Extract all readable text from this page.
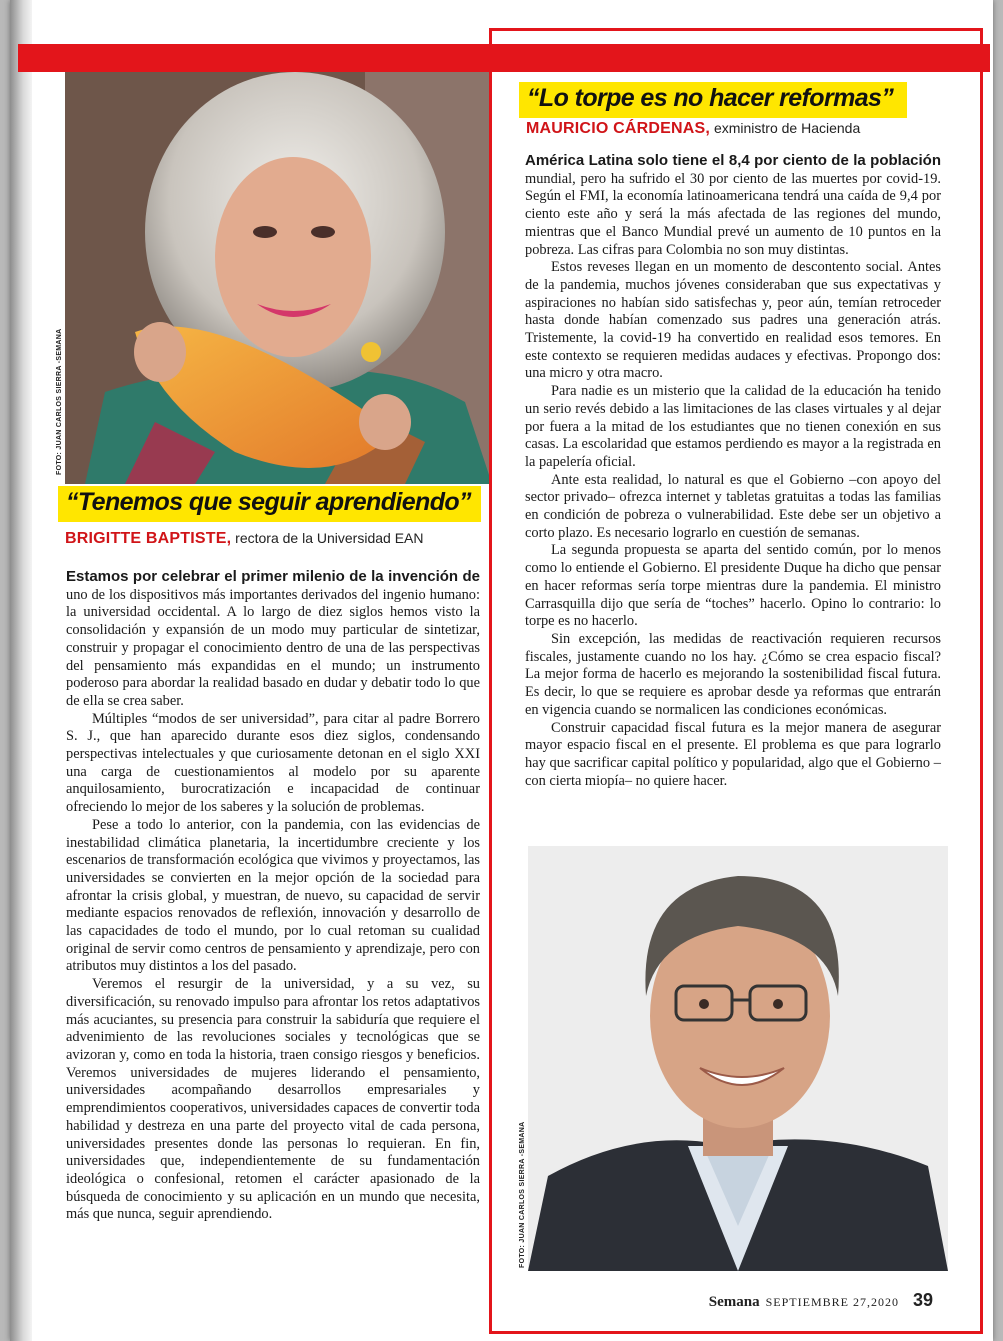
FOTO: JUAN CARLOS SIERRA -SEMANA
“Tenemos que seguir aprendiendo”
BRIGITTE BAPTISTE, rectora de la Universidad EAN

Estamos por celebrar el primer milenio de la invención de uno de los dispositivos más importantes derivados del ingenio humano: la universidad occidental. A lo largo de diez siglos hemos visto la consolidación y expansión de un modo muy particular de sintetizar, construir y propagar el conocimiento dentro de una de las perspectivas del pensamiento más expandidas en el mundo; un instrumento poderoso para abordar la realidad basado en dudar y debatir todo lo que de ella se crea saber.

Múltiples “modos de ser universidad”, para citar al padre Borrero S. J., que han aparecido durante esos diez siglos, condensando perspectivas intelectuales y que curiosamente detonan en el siglo XXI una carga de cuestionamientos al modelo por su aparente anquilosamiento, burocratización e incapacidad de continuar ofreciendo lo mejor de los saberes y la solución de problemas.

Pese a todo lo anterior, con la pandemia, con las evidencias de inestabilidad climática planetaria, la incertidumbre creciente y los escenarios de transformación ecológica que vivimos y proyectamos, las universidades se convierten en la mejor opción de la sociedad para afrontar la crisis global, y muestran, de nuevo, su capacidad de servir mediante espacios renovados de reflexión, innovación y desarrollo de las capacidades de todo el mundo, por lo cual retoman su cualidad original de servir como centros de pensamiento y aprendizaje, pero con atributos muy distintos a los del pasado.

Veremos el resurgir de la universidad, y a su vez, su diversificación, su renovado impulso para afrontar los retos adaptativos más acuciantes, su presencia para construir la sabiduría que requiere el advenimiento de las revoluciones sociales y tecnológicas que se avizoran y, como en toda la historia, traen consigo riesgos y beneficios. Veremos universidades de mujeres liderando el pensamiento, universidades acompañando desarrollos empresariales y emprendimientos cooperativos, universidades capaces de convertir toda habilidad y destreza en una parte del proyecto vital de cada persona, universidades presentes donde las personas lo requieran. En fin, universidades que, independientemente de su fundamentación ideológica o confesional, retomen el carácter apasionado de la búsqueda de conocimiento y su aplicación en un mundo que necesita, más que nunca, seguir aprendiendo.

“Lo torpe es no hacer reformas”
MAURICIO CÁRDENAS, exministro de Hacienda

América Latina solo tiene el 8,4 por ciento de la población mundial, pero ha sufrido el 30 por ciento de las muertes por covid-19. Según el FMI, la economía latinoamericana tendrá una caída de 9,4 por ciento este año y será la más afectada de las regiones del mundo, mientras que el Banco Mundial prevé un aumento de 10 puntos en la pobreza. Las cifras para Colombia no son muy distintas.

Estos reveses llegan en un momento de descontento social. Antes de la pandemia, muchos jóvenes consideraban que sus expectativas y aspiraciones no habían sido satisfechas y, peor aún, temían retroceder hasta donde habían comenzado sus padres una generación atrás. Tristemente, la covid-19 ha convertido en realidad esos temores. En este contexto se requieren medidas audaces y efectivas. Propongo dos: una micro y otra macro.

Para nadie es un misterio que la calidad de la educación ha tenido un serio revés debido a las limitaciones de las clases virtuales y al dejar por fuera a la mitad de los estudiantes que no tienen conexión en sus casas. La escolaridad que estamos perdiendo es mayor a la registrada en la papelería oficial.

Ante esta realidad, lo natural es que el Gobierno –con apoyo del sector privado– ofrezca internet y tabletas gratuitas a todas las familias en condición de pobreza o vulnerabilidad. Este debe ser un objetivo a corto plazo. Es necesario lograrlo en cuestión de semanas.

La segunda propuesta se aparta del sentido común, por lo menos como lo entiende el Gobierno. El presidente Duque ha dicho que pensar en hacer reformas sería torpe mientras dure la pandemia. El ministro Carrasquilla dijo que sería de “toches” hacerlo. Opino lo contrario: lo torpe es no hacerlo.

Sin excepción, las medidas de reactivación requieren recursos fiscales, justamente cuando no los hay. ¿Cómo se crea espacio fiscal? La mejor forma de hacerlo es mejorando la sostenibilidad fiscal futura. Es decir, lo que se requiere es aprobar desde ya reformas que entrarán en vigencia cuando se normalicen las condiciones económicas.

Construir capacidad fiscal futura es la mejor manera de asegurar mayor espacio fiscal en el presente. El problema es que para lograrlo hay que sacrificar capital político y popularidad, algo que el Gobierno –con cierta miopía– no quiere hacer.

FOTO: JUAN CARLOS SIERRA -SEMANA
Semana SEPTIEMBRE 27,2020 39
